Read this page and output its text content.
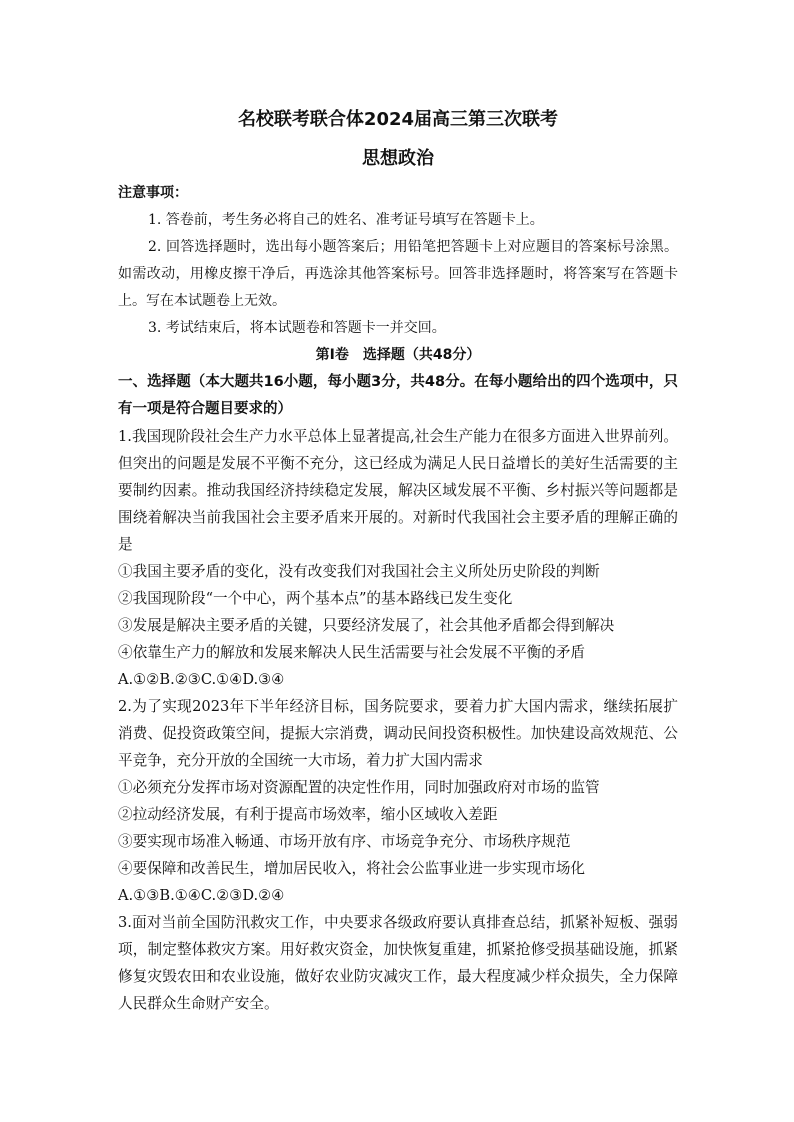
名校联考联合体2024届高三第三次联考
思想政治
注意事项：

1. 答卷前，考生务必将自己的姓名、准考证号填写在答题卡上。

2. 回答选择题时，选出每小题答案后；用铅笔把答题卡上对应题目的答案标号涂黑。如需改动，用橡皮擦干净后，再选涂其他答案标号。回答非选择题时，将答案写在答题卡上。写在本试题卷上无效。

3. 考试结束后，将本试题卷和答题卡一并交回。

第Ⅰ卷　选择题（共48分）
一、选择题（本大题共16小题，每小题3分，共48分。在每小题给出的四个选项中，只有一项是符合题目要求的）

1.我国现阶段社会生产力水平总体上显著提高,社会生产能力在很多方面进入世界前列。但突出的问题是发展不平衡不充分，这已经成为满足人民日益增长的美好生活需要的主要制约因素。推动我国经济持续稳定发展，解决区域发展不平衡、乡村振兴等问题都是围绕着解决当前我国社会主要矛盾来开展的。对新时代我国社会主要矛盾的理解正确的是

①我国主要矛盾的变化，没有改变我们对我国社会主义所处历史阶段的判断

②我国现阶段“一个中心，两个基本点”的基本路线已发生变化

③发展是解决主要矛盾的关键，只要经济发展了，社会其他矛盾都会得到解决

④依靠生产力的解放和发展来解决人民生活需要与社会发展不平衡的矛盾

A.①②B.②③C.①④D.③④

2.为了实现2023年下半年经济目标，国务院要求，要着力扩大国内需求，继续拓展扩消费、促投资政策空间，提振大宗消费，调动民间投资积极性。加快建设高效规范、公平竞争，充分开放的全国统一大市场，着力扩大国内需求

①必须充分发挥市场对资源配置的决定性作用，同时加强政府对市场的监管

②拉动经济发展，有利于提高市场效率，缩小区域收入差距

③要实现市场准入畅通、市场开放有序、市场竞争充分、市场秩序规范

④要保障和改善民生，增加居民收入，将社会公监事业进一步实现市场化

A.①③B.①④C.②③D.②④

3.面对当前全国防汛救灾工作，中央要求各级政府要认真排查总结，抓紧补短板、强弱项，制定整体救灾方案。用好救灾资金，加快恢复重建，抓紧抢修受损基础设施，抓紧修复灾毁农田和农业设施，做好农业防灾减灾工作，最大程度减少样众损失，全力保障人民群众生命财产安全。
